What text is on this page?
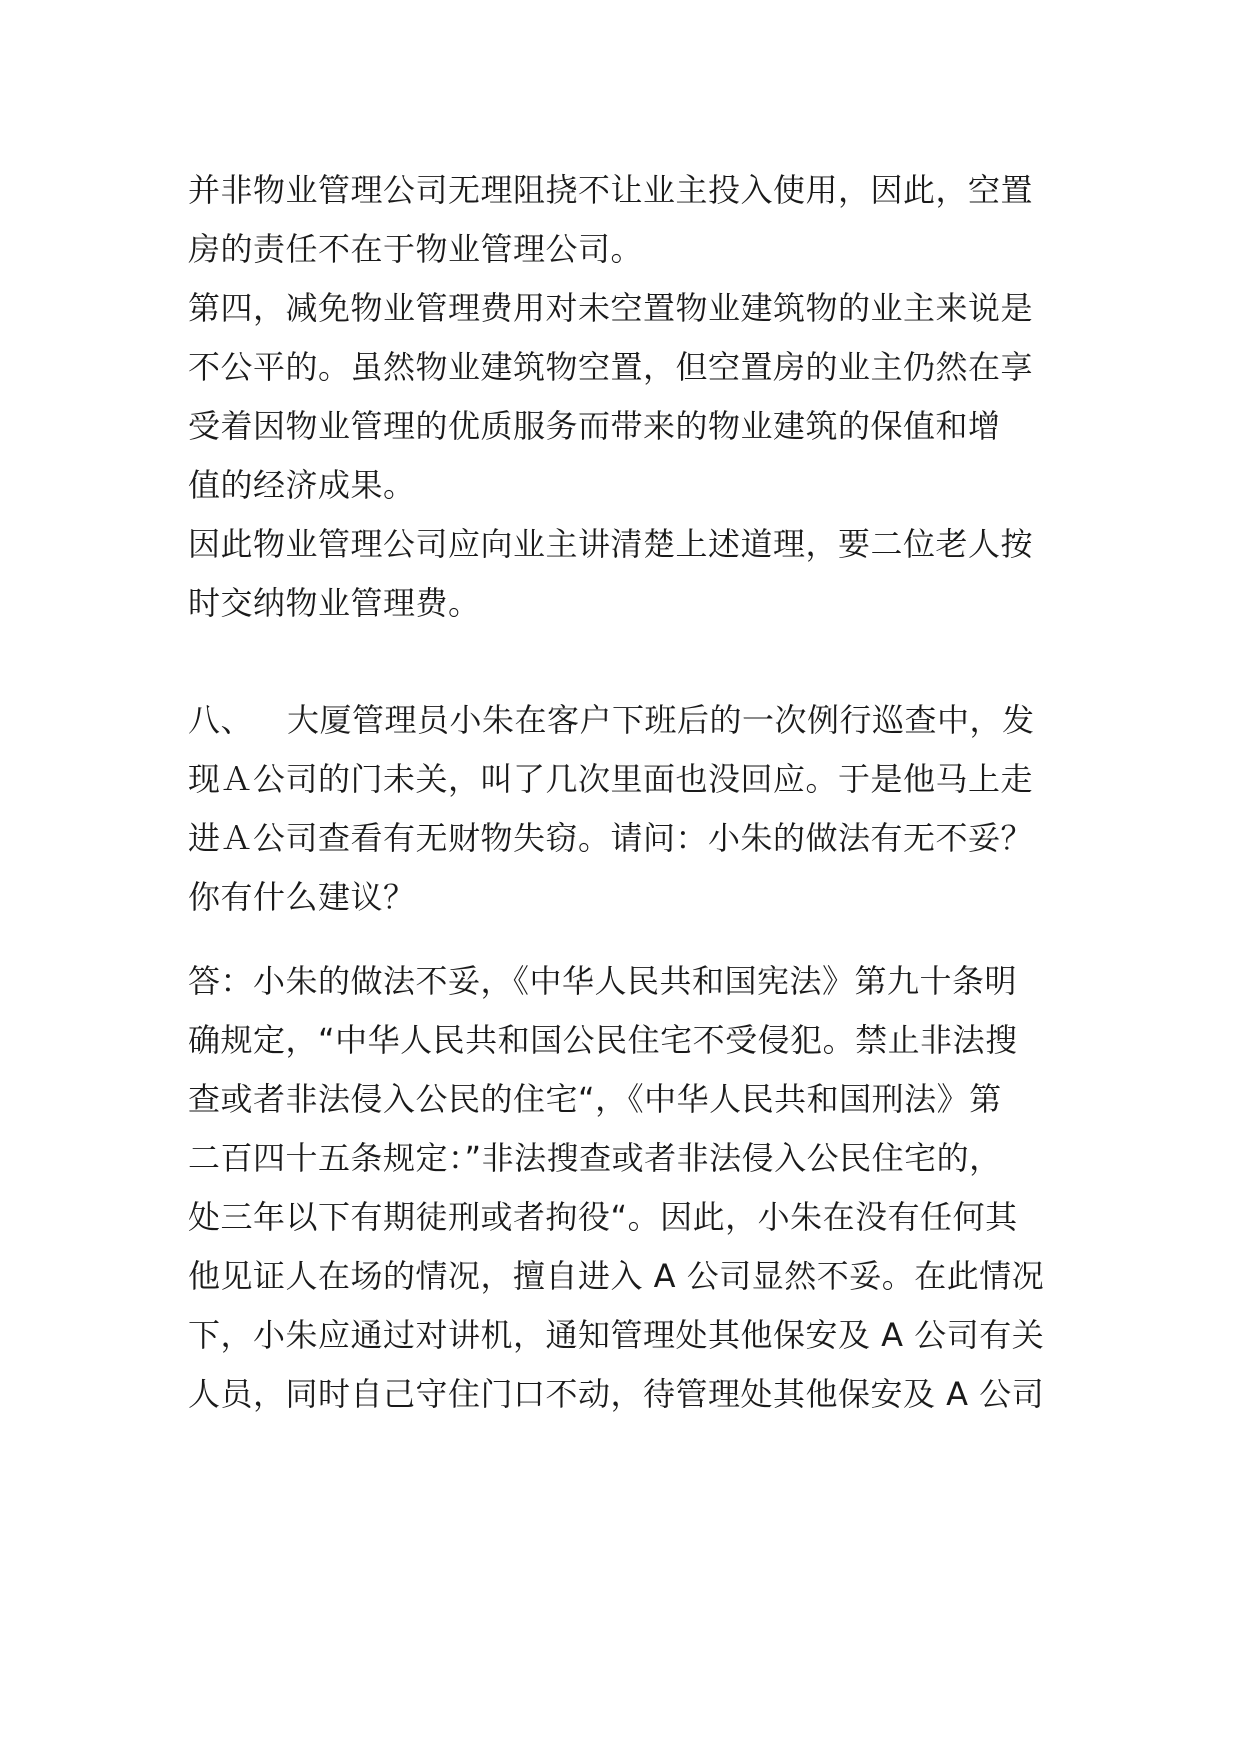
并非物业管理公司无理阻挠不让业主投入使用，因此，空置
房的责任不在于物业管理公司。
第四，减免物业管理费用对未空置物业建筑物的业主来说是
不公平的。虽然物业建筑物空置，但空置房的业主仍然在享
受着因物业管理的优质服务而带来的物业建筑的保值和增
值的经济成果。
因此物业管理公司应向业主讲清楚上述道理，要二位老人按
时交纳物业管理费。
八、 大厦管理员小朱在客户下班后的一次例行巡查中，发
现Ａ公司的门未关，叫了几次里面也没回应。于是他马上走
进Ａ公司查看有无财物失窃。请问：小朱的做法有无不妥？
你有什么建议？
答：小朱的做法不妥，《中华人民共和国宪法》第九十条明
确规定，“中华人民共和国公民住宅不受侵犯。禁止非法搜
查或者非法侵入公民的住宅“，《中华人民共和国刑法》第
二百四十五条规定：”非法搜查或者非法侵入公民住宅的，
处三年以下有期徒刑或者拘役“。因此，小朱在没有任何其
他见证人在场的情况，擅自进入 A 公司显然不妥。在此情况
下，小朱应通过对讲机，通知管理处其他保安及 A 公司有关
人员，同时自己守住门口不动，待管理处其他保安及 A 公司
